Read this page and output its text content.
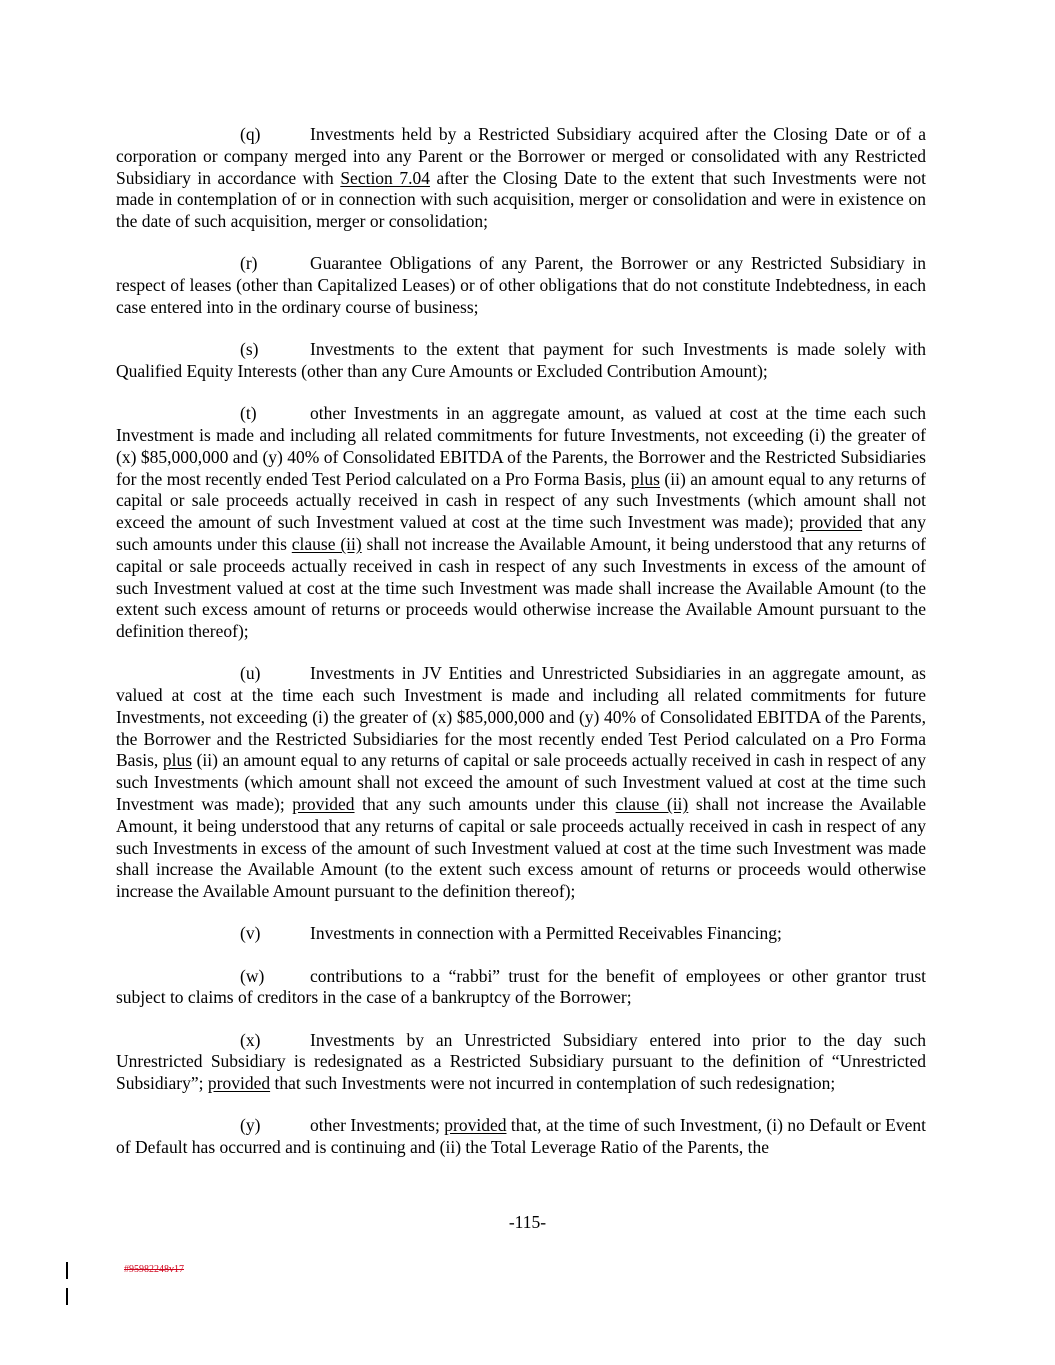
(q)	Investments held by a Restricted Subsidiary acquired after the Closing Date or of a corporation or company merged into any Parent or the Borrower or merged or consolidated with any Restricted Subsidiary in accordance with Section 7.04 after the Closing Date to the extent that such Investments were not made in contemplation of or in connection with such acquisition, merger or consolidation and were in existence on the date of such acquisition, merger or consolidation;

(r)	Guarantee Obligations of any Parent, the Borrower or any Restricted Subsidiary in respect of leases (other than Capitalized Leases) or of other obligations that do not constitute Indebtedness, in each case entered into in the ordinary course of business;

(s)	Investments to the extent that payment for such Investments is made solely with Qualified Equity Interests (other than any Cure Amounts or Excluded Contribution Amount);

(t)	other Investments in an aggregate amount, as valued at cost at the time each such Investment is made and including all related commitments for future Investments, not exceeding (i) the greater of (x) $85,000,000 and (y) 40% of Consolidated EBITDA of the Parents, the Borrower and the Restricted Subsidiaries for the most recently ended Test Period calculated on a Pro Forma Basis, plus (ii) an amount equal to any returns of capital or sale proceeds actually received in cash in respect of any such Investments (which amount shall not exceed the amount of such Investment valued at cost at the time such Investment was made); provided that any such amounts under this clause (ii) shall not increase the Available Amount, it being understood that any returns of capital or sale proceeds actually received in cash in respect of any such Investments in excess of the amount of such Investment valued at cost at the time such Investment was made shall increase the Available Amount (to the extent such excess amount of returns or proceeds would otherwise increase the Available Amount pursuant to the definition thereof);

(u)	Investments in JV Entities and Unrestricted Subsidiaries in an aggregate amount, as valued at cost at the time each such Investment is made and including all related commitments for future Investments, not exceeding (i) the greater of (x) $85,000,000 and (y) 40% of Consolidated EBITDA of the Parents, the Borrower and the Restricted Subsidiaries for the most recently ended Test Period calculated on a Pro Forma Basis, plus (ii) an amount equal to any returns of capital or sale proceeds actually received in cash in respect of any such Investments (which amount shall not exceed the amount of such Investment valued at cost at the time such Investment was made); provided that any such amounts under this clause (ii) shall not increase the Available Amount, it being understood that any returns of capital or sale proceeds actually received in cash in respect of any such Investments in excess of the amount of such Investment valued at cost at the time such Investment was made shall increase the Available Amount (to the extent such excess amount of returns or proceeds would otherwise increase the Available Amount pursuant to the definition thereof);

(v)	Investments in connection with a Permitted Receivables Financing;

(w)	contributions to a “rabbi” trust for the benefit of employees or other grantor trust subject to claims of creditors in the case of a bankruptcy of the Borrower;

(x)	Investments by an Unrestricted Subsidiary entered into prior to the day such Unrestricted Subsidiary is redesignated as a Restricted Subsidiary pursuant to the definition of “Unrestricted Subsidiary”; provided that such Investments were not incurred in contemplation of such redesignation;

(y)	other Investments; provided that, at the time of such Investment, (i) no Default or Event of Default has occurred and is continuing and (ii) the Total Leverage Ratio of the Parents, the

-115-
#95982248v17
